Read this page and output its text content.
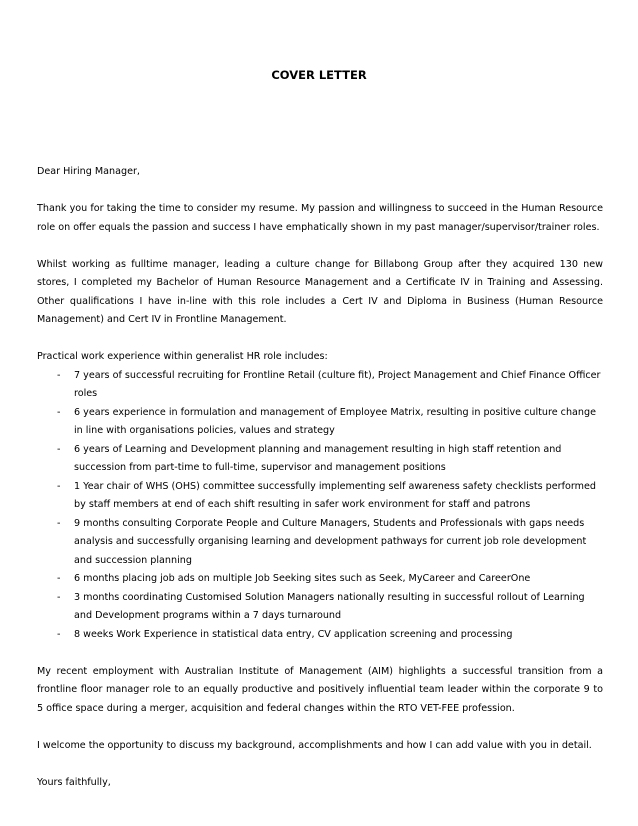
COVER LETTER

Dear Hiring Manager,

Thank you for taking the time to consider my resume. My passion and willingness to succeed in the Human Resource role on offer equals the passion and success I have emphatically shown in my past manager/supervisor/trainer roles.

Whilst working as fulltime manager, leading a culture change for Billabong Group after they acquired 130 new stores, I completed my Bachelor of Human Resource Management and a Certificate IV in Training and Assessing. Other qualifications I have in-line with this role includes a Cert IV and Diploma in Business (Human Resource Management) and Cert IV in Frontline Management.

Practical work experience within generalist HR role includes:

- 7 years of successful recruiting for Frontline Retail (culture fit), Project Management and Chief Finance Officer roles
- 6 years experience in formulation and management of Employee Matrix, resulting in positive culture change in line with organisations policies, values and strategy
- 6 years of Learning and Development planning and management resulting in high staff retention and succession from part-time to full-time, supervisor and management positions
- 1 Year chair of WHS (OHS) committee successfully implementing self awareness safety checklists performed by staff members at end of each shift resulting in safer work environment for staff and patrons
- 9 months consulting Corporate People and Culture Managers, Students and Professionals with gaps needs analysis and successfully organising learning and development pathways for current job role development and succession planning
- 6 months placing job ads on multiple Job Seeking sites such as Seek, MyCareer and CareerOne
- 3 months coordinating Customised Solution Managers nationally resulting in successful rollout of Learning and Development programs within a 7 days turnaround
- 8 weeks Work Experience in statistical data entry, CV application screening and processing

My recent employment with Australian Institute of Management (AIM) highlights a successful transition from a frontline floor manager role to an equally productive and positively influential team leader within the corporate 9 to 5 office space during a merger, acquisition and federal changes within the RTO VET-FEE profession.

I welcome the opportunity to discuss my background, accomplishments and how I can add value with you in detail.

Yours faithfully,
